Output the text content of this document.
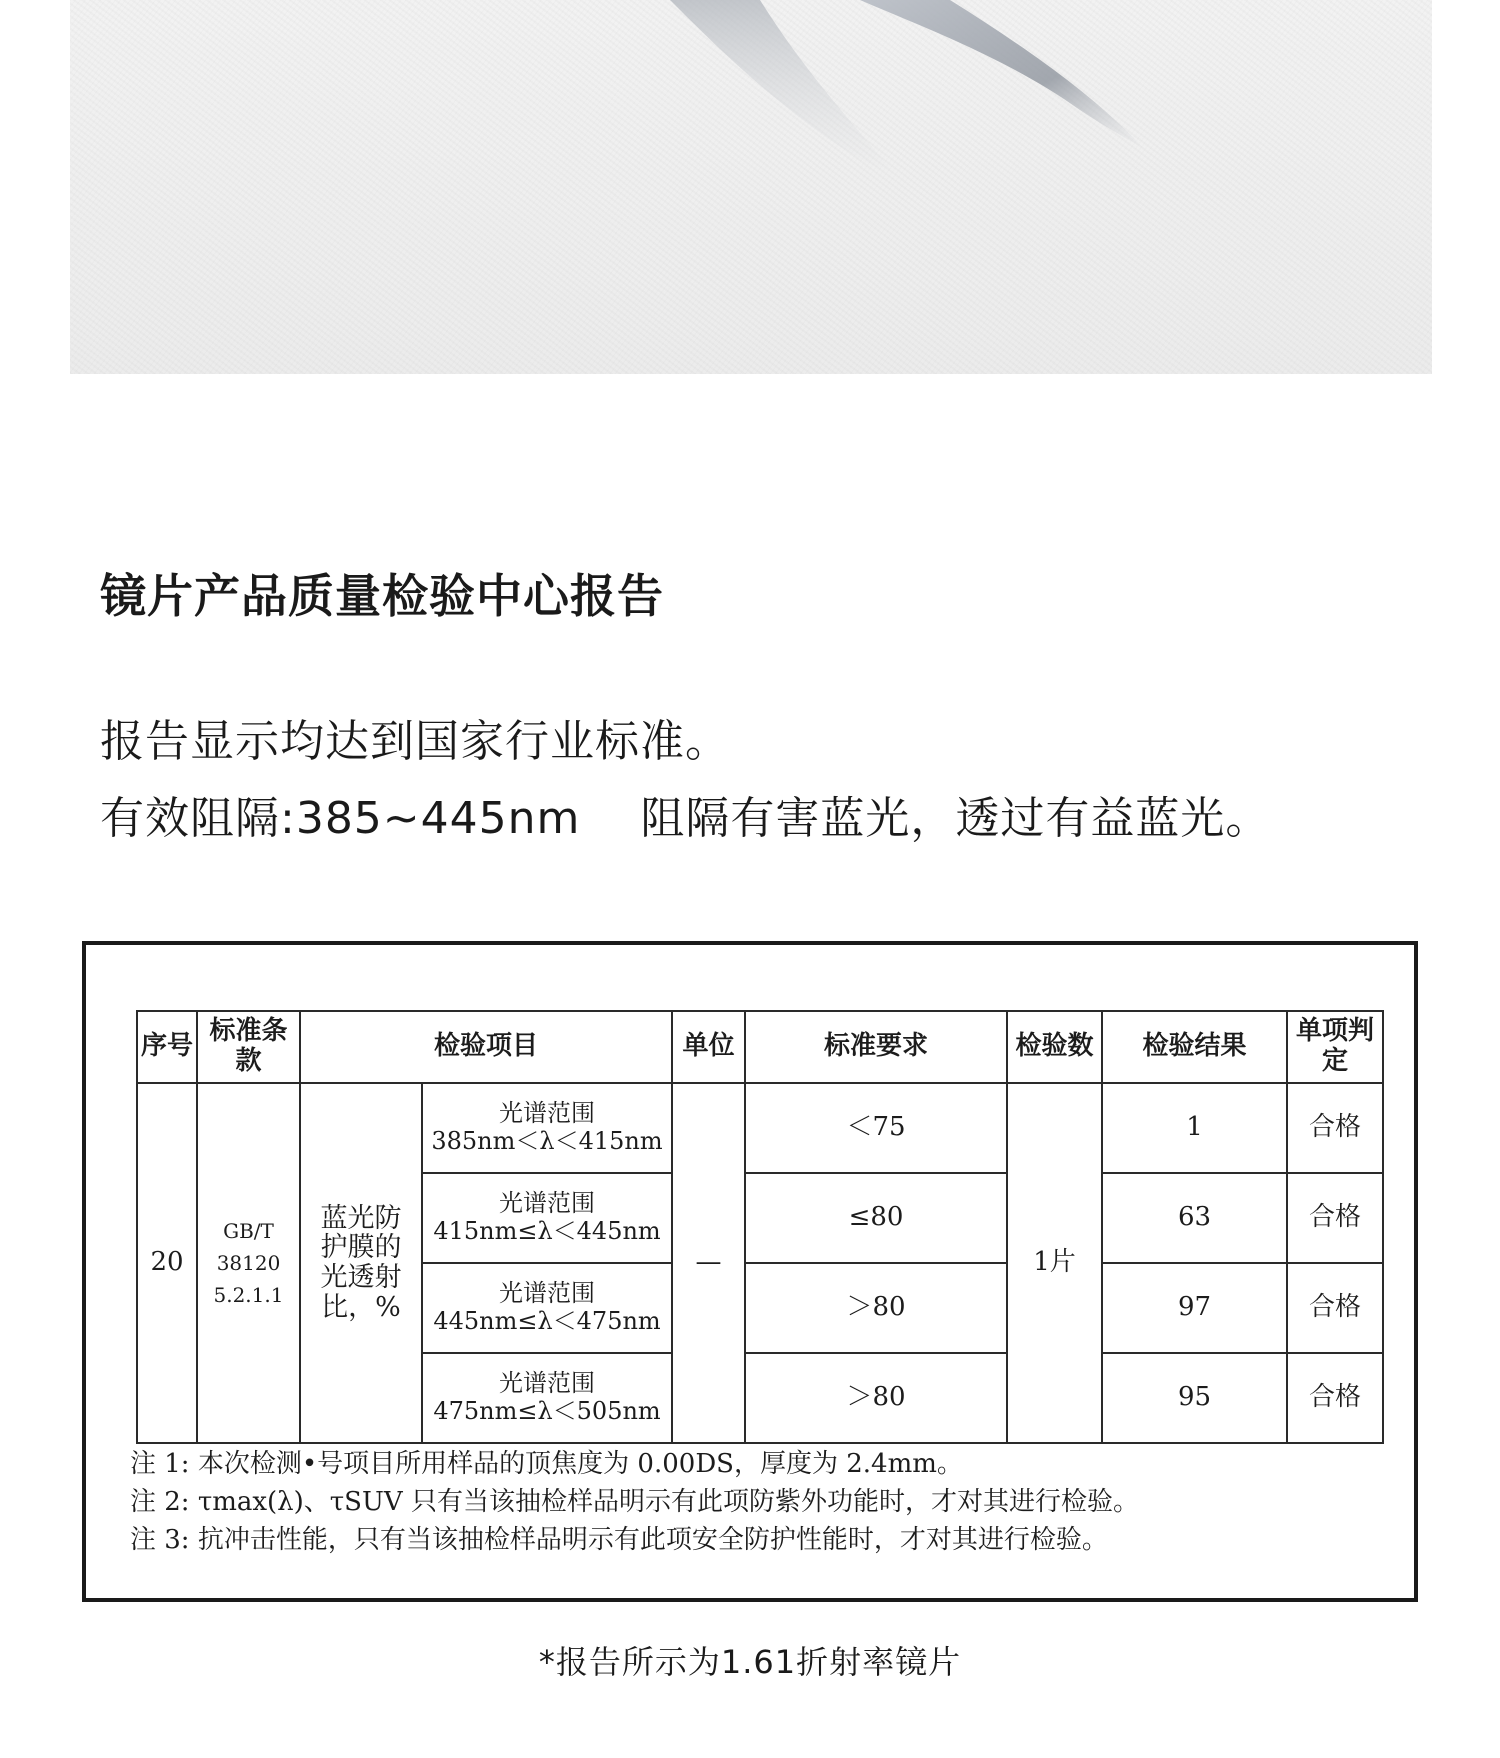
镜片产品质量检验中心报告

报告显示均达到国家行业标准。

有效阻隔:385~445nm　 阻隔有害蓝光，透过有益蓝光。

序号	标准条款	检验项目		单位	标准要求	检验数	检验结果	单项判定
20	GB/T 38120 5.2.1.1	蓝光防护膜的光透射比，%	光谱范围
385nm＜λ＜415nm	—	＜75	1片	1	合格

			光谱范围
415nm≤λ＜445nm		≤80		63	合格

			光谱范围
445nm≤λ＜475nm		＞80		97	合格

			光谱范围
475nm≤λ＜505nm		＞80		95	合格
注 1: 本次检测•号项目所用样品的顶焦度为 0.00DS，厚度为 2.4mm。
注 2: τmax(λ)、τSUV 只有当该抽检样品明示有此项防紫外功能时，才对其进行检验。
注 3: 抗冲击性能，只有当该抽检样品明示有此项安全防护性能时，才对其进行检验。

*报告所示为1.61折射率镜片
